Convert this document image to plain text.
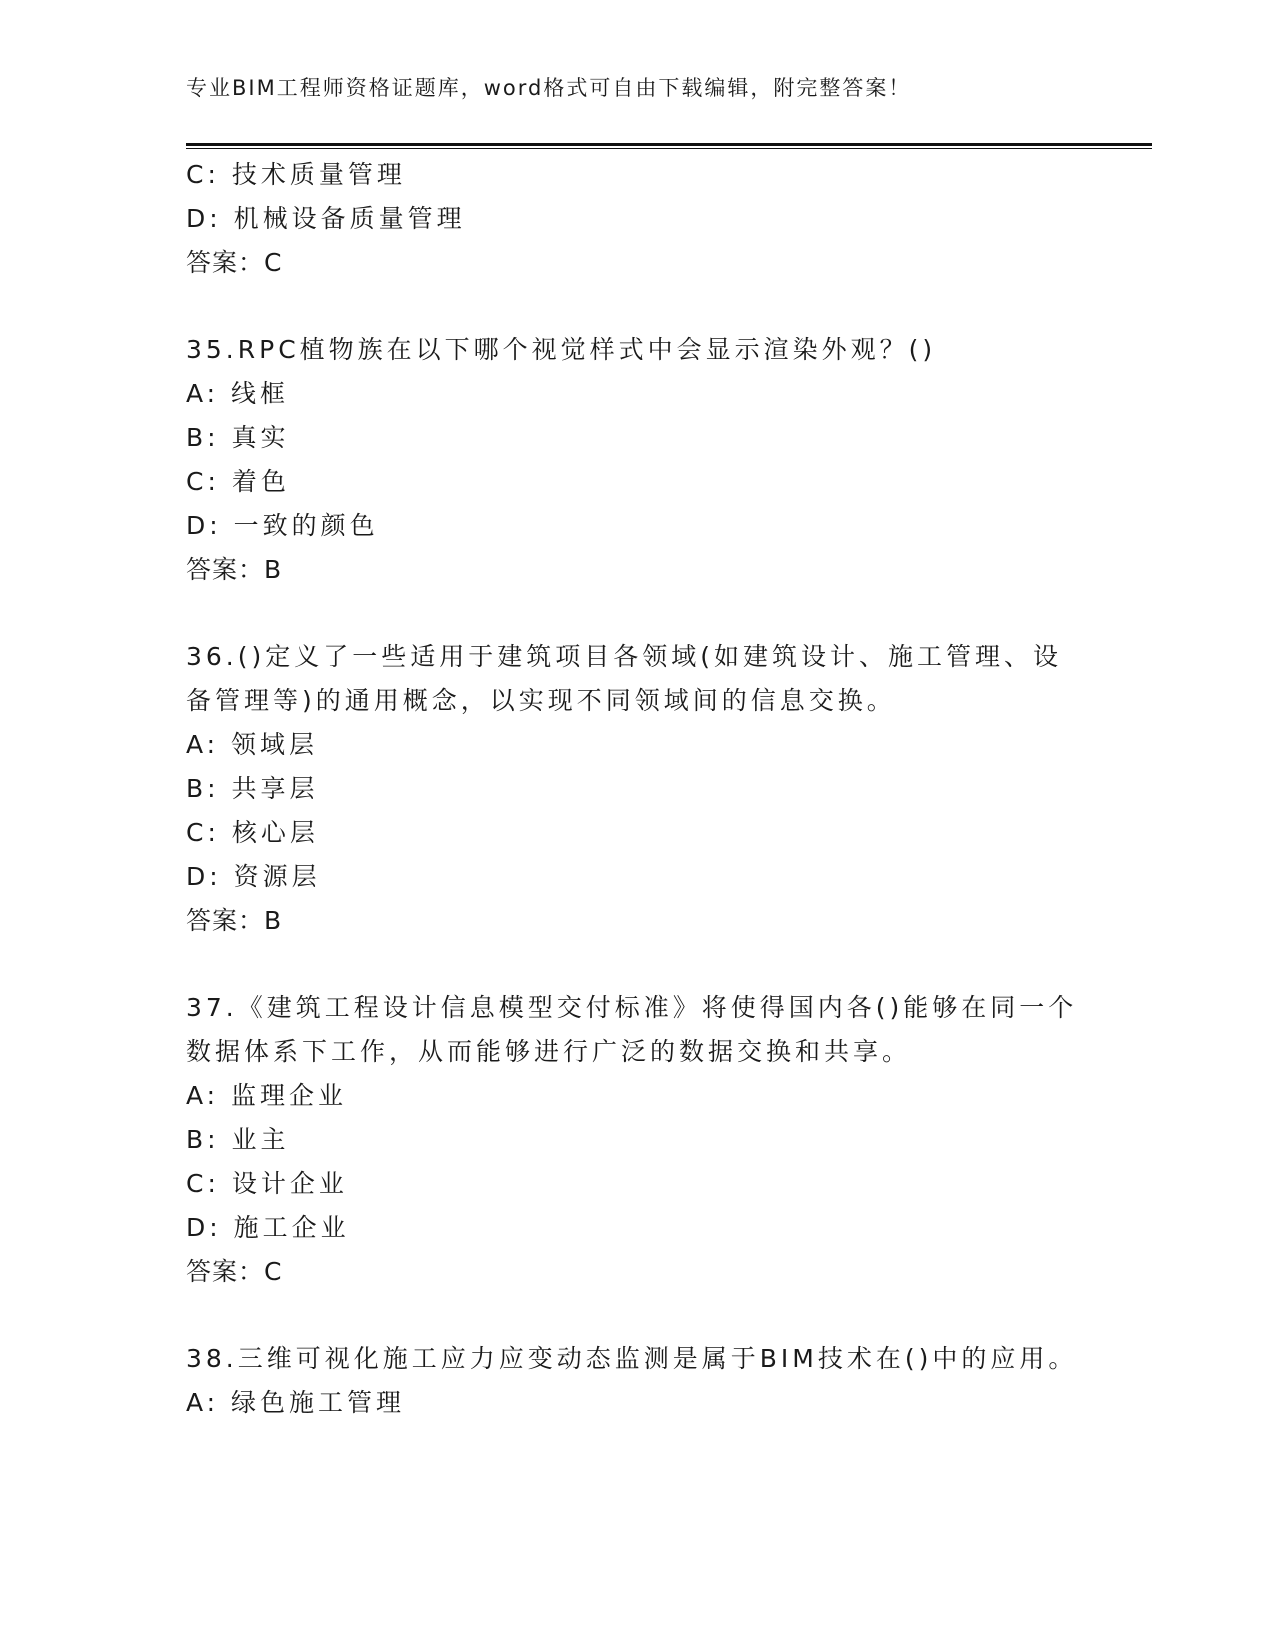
专业BIM工程师资格证题库，word格式可自由下载编辑，附完整答案！
C: 技术质量管理
D: 机械设备质量管理
答案：C
35.RPC植物族在以下哪个视觉样式中会显示渲染外观？()
A: 线框
B: 真实
C: 着色
D: 一致的颜色
答案：B
36.()定义了一些适用于建筑项目各领域(如建筑设计、施工管理、设
备管理等)的通用概念，以实现不同领域间的信息交换。
A: 领域层
B: 共享层
C: 核心层
D: 资源层
答案：B
37.《建筑工程设计信息模型交付标准》将使得国内各()能够在同一个
数据体系下工作，从而能够进行广泛的数据交换和共享。
A: 监理企业
B: 业主
C: 设计企业
D: 施工企业
答案：C
38.三维可视化施工应力应变动态监测是属于BIM技术在()中的应用。
A: 绿色施工管理
